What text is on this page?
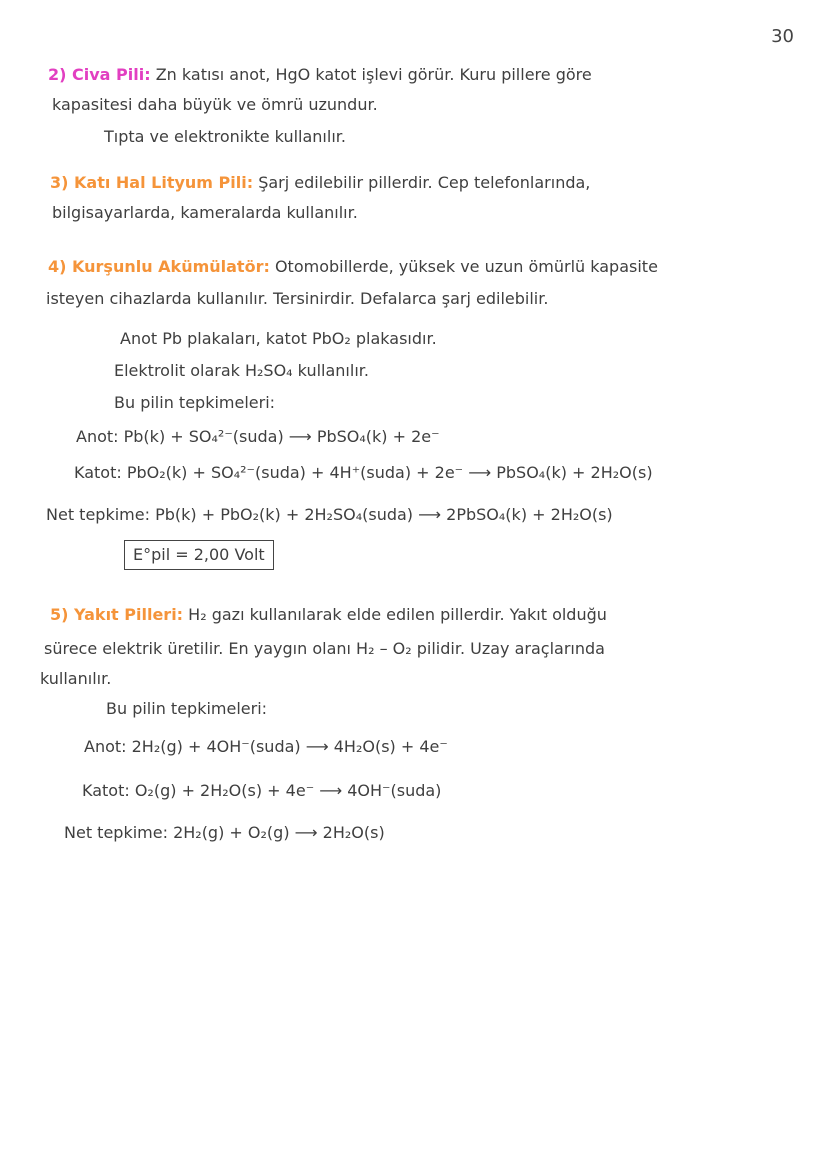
30
2) Civa Pili: Zn katısı anot, HgO katot işlevi görür. Kuru pillere göre
kapasitesi daha büyük ve ömrü uzundur.
Tıpta ve elektronikte kullanılır.
3) Katı Hal Lityum Pili: Şarj edilebilir pillerdir. Cep telefonlarında,
bilgisayarlarda, kameralarda kullanılır.
4) Kurşunlu Akümülatör: Otomobillerde, yüksek ve uzun ömürlü kapasite
isteyen cihazlarda kullanılır. Tersinirdir. Defalarca şarj edilebilir.
Anot Pb plakaları, katot PbO₂ plakasıdır.
Elektrolit olarak H₂SO₄ kullanılır.
Bu pilin tepkimeleri:
Anot: Pb(k) + SO₄²⁻(suda) ⟶ PbSO₄(k) + 2e⁻
Katot: PbO₂(k) + SO₄²⁻(suda) + 4H⁺(suda) + 2e⁻ ⟶ PbSO₄(k) + 2H₂O(s)
Net tepkime: Pb(k) + PbO₂(k) + 2H₂SO₄(suda) ⟶ 2PbSO₄(k) + 2H₂O(s)
E°pil = 2,00 Volt
5) Yakıt Pilleri: H₂ gazı kullanılarak elde edilen pillerdir. Yakıt olduğu
sürece elektrik üretilir. En yaygın olanı H₂ – O₂ pilidir. Uzay araçlarında
kullanılır.
Bu pilin tepkimeleri:
Anot: 2H₂(g) + 4OH⁻(suda) ⟶ 4H₂O(s) + 4e⁻
Katot: O₂(g) + 2H₂O(s) + 4e⁻ ⟶ 4OH⁻(suda)
Net tepkime: 2H₂(g) + O₂(g) ⟶ 2H₂O(s)
